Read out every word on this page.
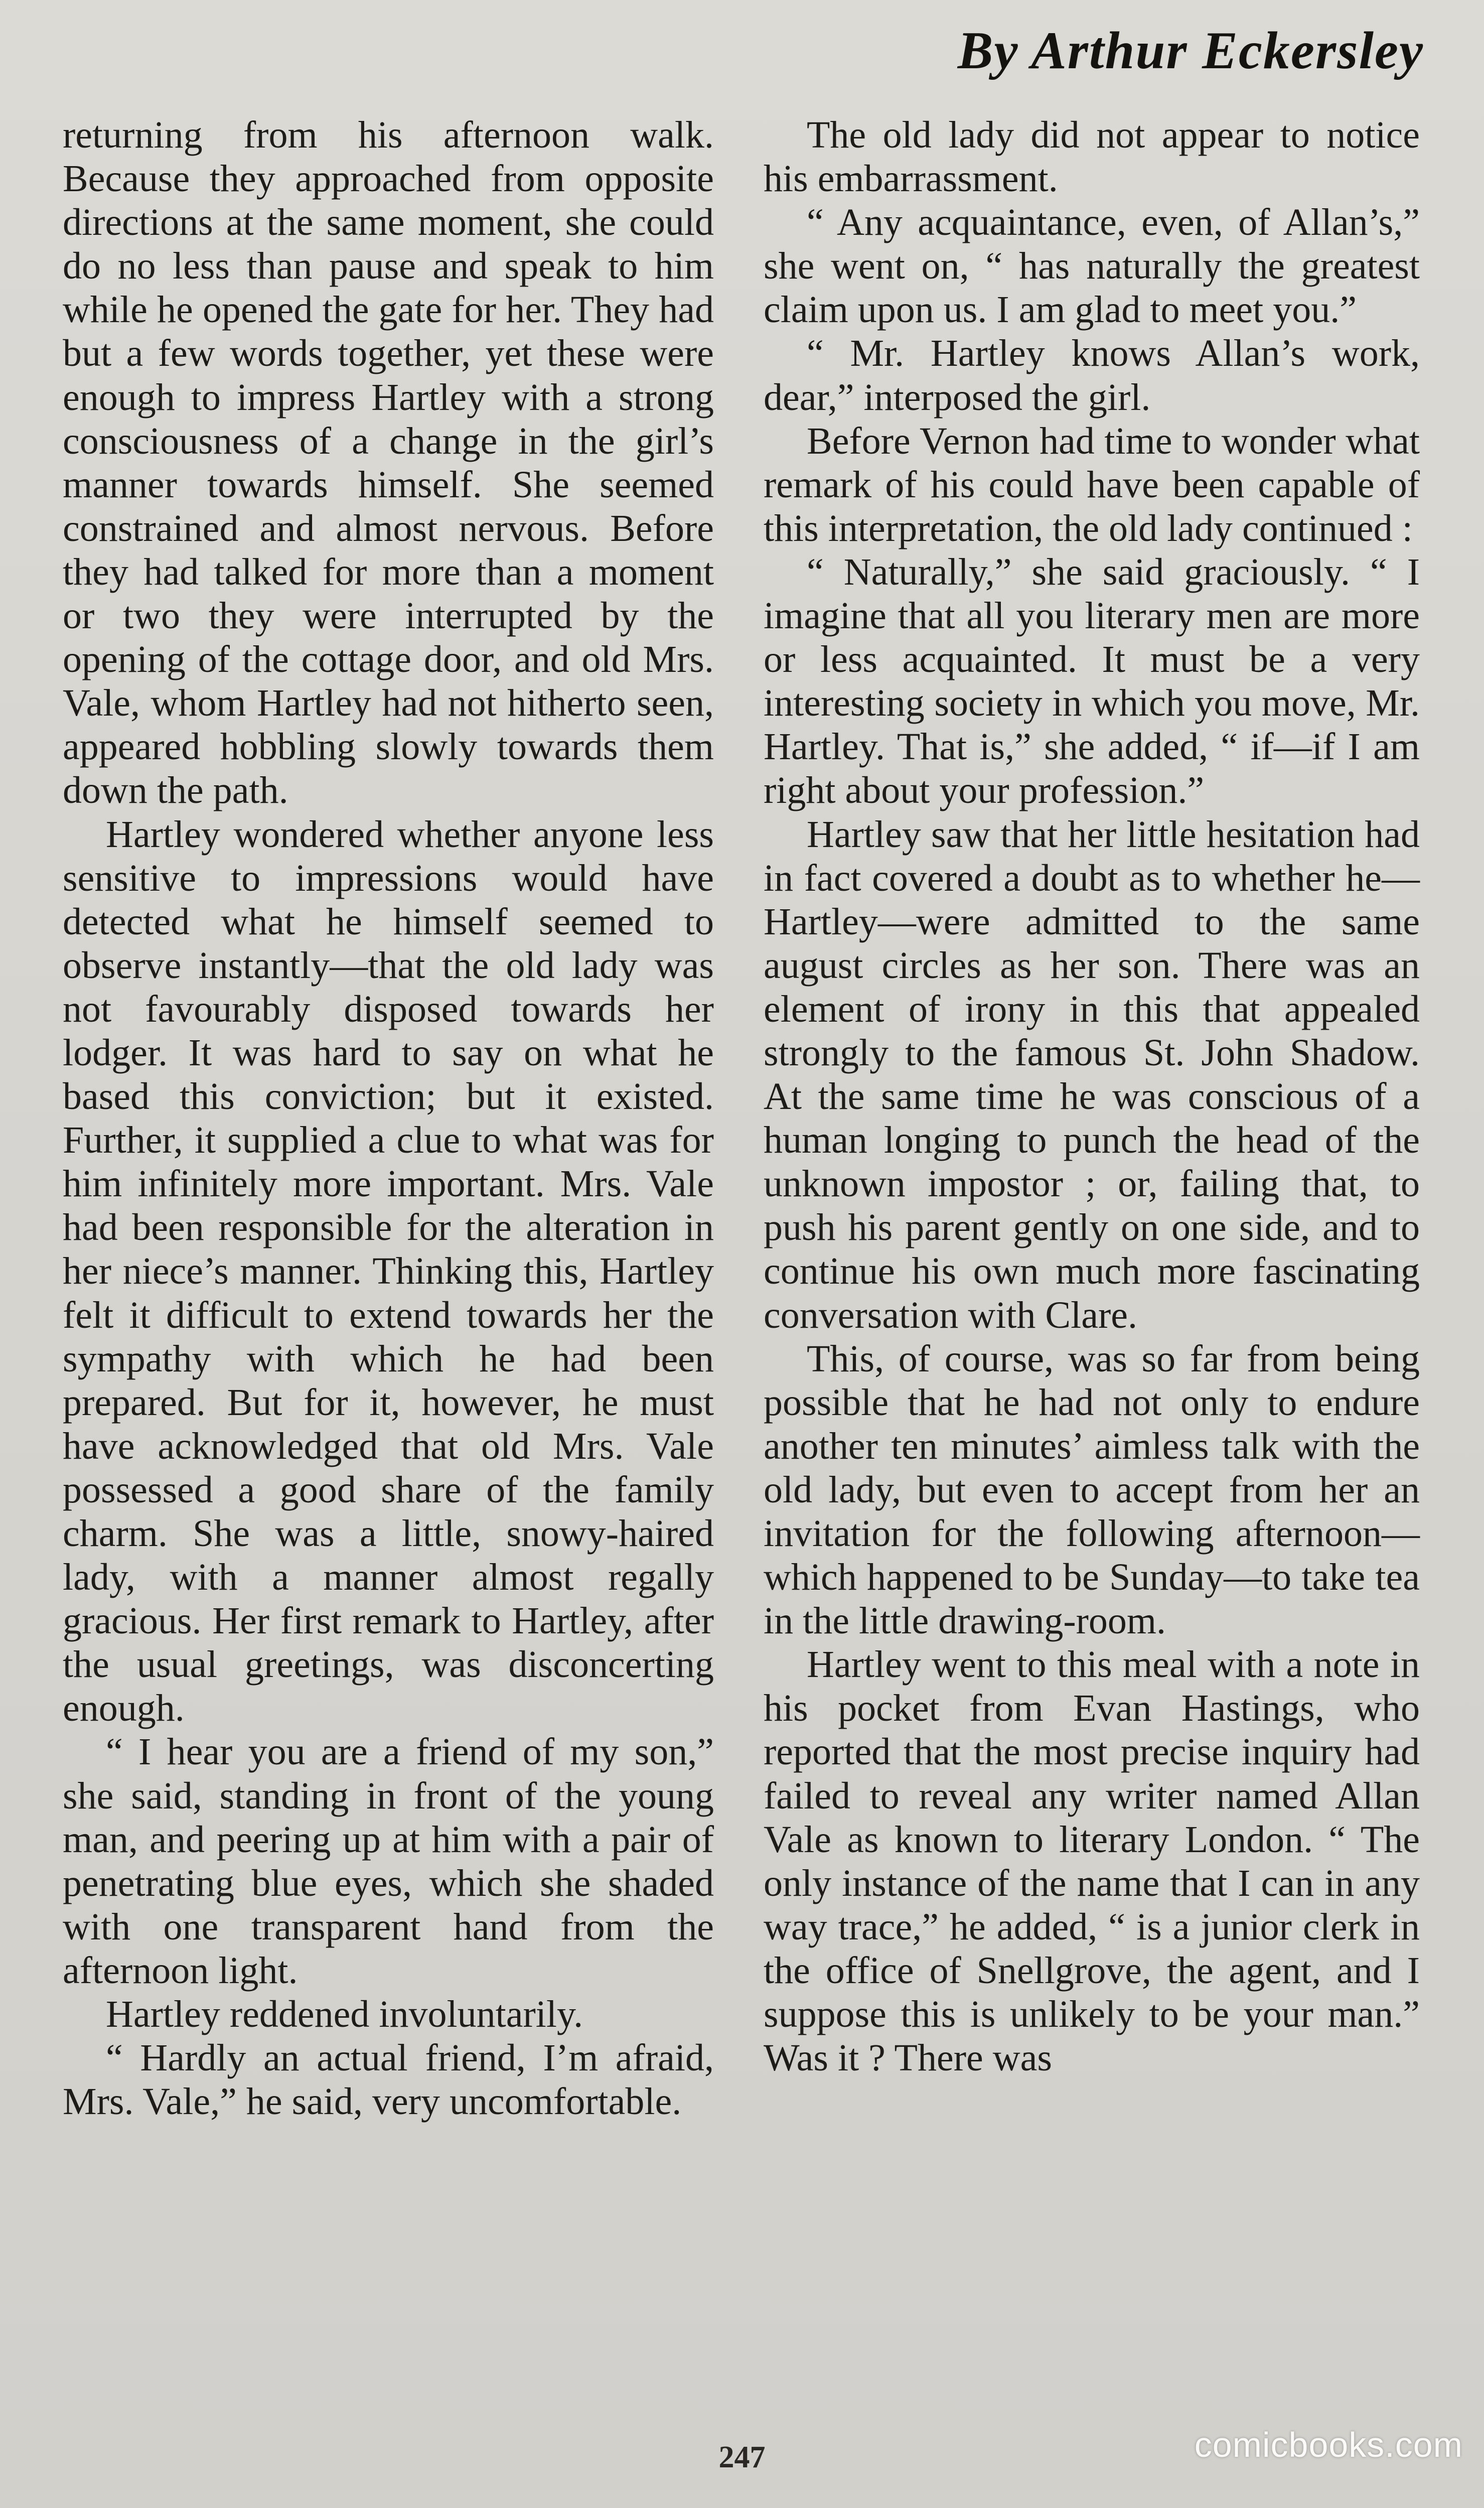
By Arthur Eckersley

returning from his afternoon walk. Because they approached from opposite directions at the same moment, she could do no less than pause and speak to him while he opened the gate for her. They had but a few words together, yet these were enough to impress Hartley with a strong consciousness of a change in the girl’s manner towards himself. She seemed constrained and almost nervous. Before they had talked for more than a moment or two they were interrupted by the opening of the cottage door, and old Mrs. Vale, whom Hartley had not hitherto seen, appeared hobbling slowly towards them down the path.

Hartley wondered whether anyone less sensitive to impressions would have detected what he himself seemed to observe instantly—that the old lady was not favourably disposed towards her lodger. It was hard to say on what he based this conviction; but it existed. Further, it supplied a clue to what was for him infinitely more important. Mrs. Vale had been responsible for the alteration in her niece’s manner. Thinking this, Hartley felt it difficult to extend towards her the sympathy with which he had been prepared. But for it, however, he must have acknowledged that old Mrs. Vale possessed a good share of the family charm. She was a little, snowy-haired lady, with a manner almost regally gracious. Her first remark to Hartley, after the usual greetings, was disconcerting enough.

“ I hear you are a friend of my son,” she said, standing in front of the young man, and peering up at him with a pair of penetrating blue eyes, which she shaded with one transparent hand from the afternoon light.

Hartley reddened involuntarily.

“ Hardly an actual friend, I’m afraid, Mrs. Vale,” he said, very uncomfortable.

The old lady did not appear to notice his embarrassment.

“ Any acquaintance, even, of Allan’s,” she went on, “ has naturally the greatest claim upon us. I am glad to meet you.”

“ Mr. Hartley knows Allan’s work, dear,” interposed the girl.

Before Vernon had time to wonder what remark of his could have been capable of this interpretation, the old lady continued :

“ Naturally,” she said graciously. “ I imagine that all you literary men are more or less acquainted. It must be a very interesting society in which you move, Mr. Hartley. That is,” she added, “ if—if I am right about your profession.”

Hartley saw that her little hesitation had in fact covered a doubt as to whether he—Hartley—were admitted to the same august circles as her son. There was an element of irony in this that appealed strongly to the famous St. John Shadow. At the same time he was conscious of a human longing to punch the head of the unknown impostor ; or, failing that, to push his parent gently on one side, and to continue his own much more fascinating conversation with Clare.

This, of course, was so far from being possible that he had not only to endure another ten minutes’ aimless talk with the old lady, but even to accept from her an invitation for the following afternoon—which happened to be Sunday—to take tea in the little drawing-room.

Hartley went to this meal with a note in his pocket from Evan Hastings, who reported that the most precise inquiry had failed to reveal any writer named Allan Vale as known to literary London. “ The only instance of the name that I can in any way trace,” he added, “ is a junior clerk in the office of Snellgrove, the agent, and I suppose this is unlikely to be your man.” Was it ? There was

247	comicbooks.com
